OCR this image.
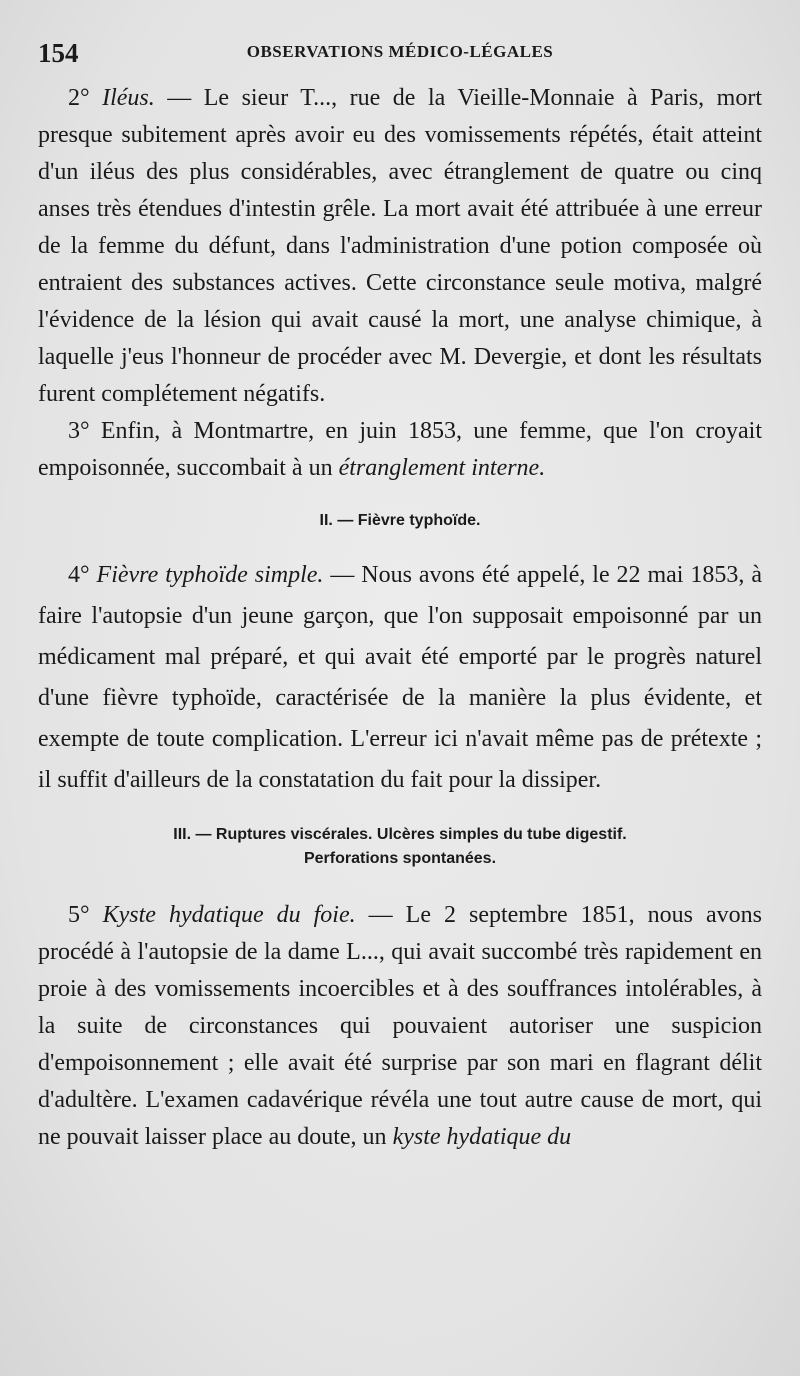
154	OBSERVATIONS MÉDICO-LÉGALES

2° Iléus. — Le sieur T..., rue de la Vieille-Monnaie à Paris, mort presque subitement après avoir eu des vomissements répétés, était atteint d'un iléus des plus considérables, avec étranglement de quatre ou cinq anses très étendues d'intestin grêle. La mort avait été attribuée à une erreur de la femme du défunt, dans l'administration d'une potion composée où entraient des substances actives. Cette circonstance seule motiva, malgré l'évidence de la lésion qui avait causé la mort, une analyse chimique, à laquelle j'eus l'honneur de procéder avec M. Devergie, et dont les résultats furent complétement négatifs.

3° Enfin, à Montmartre, en juin 1853, une femme, que l'on croyait empoisonnée, succombait à un étranglement interne.

II. — Fièvre typhoïde.

4° Fièvre typhoïde simple. — Nous avons été appelé, le 22 mai 1853, à faire l'autopsie d'un jeune garçon, que l'on supposait empoisonné par un médicament mal préparé, et qui avait été emporté par le progrès naturel d'une fièvre typhoïde, caractérisée de la manière la plus évidente, et exempte de toute complication. L'erreur ici n'avait même pas de prétexte ; il suffit d'ailleurs de la constatation du fait pour la dissiper.

III. — Ruptures viscérales. Ulcères simples du tube digestif.
Perforations spontanées.

5° Kyste hydatique du foie. — Le 2 septembre 1851, nous avons procédé à l'autopsie de la dame L..., qui avait succombé très rapidement en proie à des vomissements incoercibles et à des souffrances intolérables, à la suite de circonstances qui pouvaient autoriser une suspicion d'empoisonnement ; elle avait été surprise par son mari en flagrant délit d'adultère. L'examen cadavérique révéla une tout autre cause de mort, qui ne pouvait laisser place au doute, un kyste hydatique du
